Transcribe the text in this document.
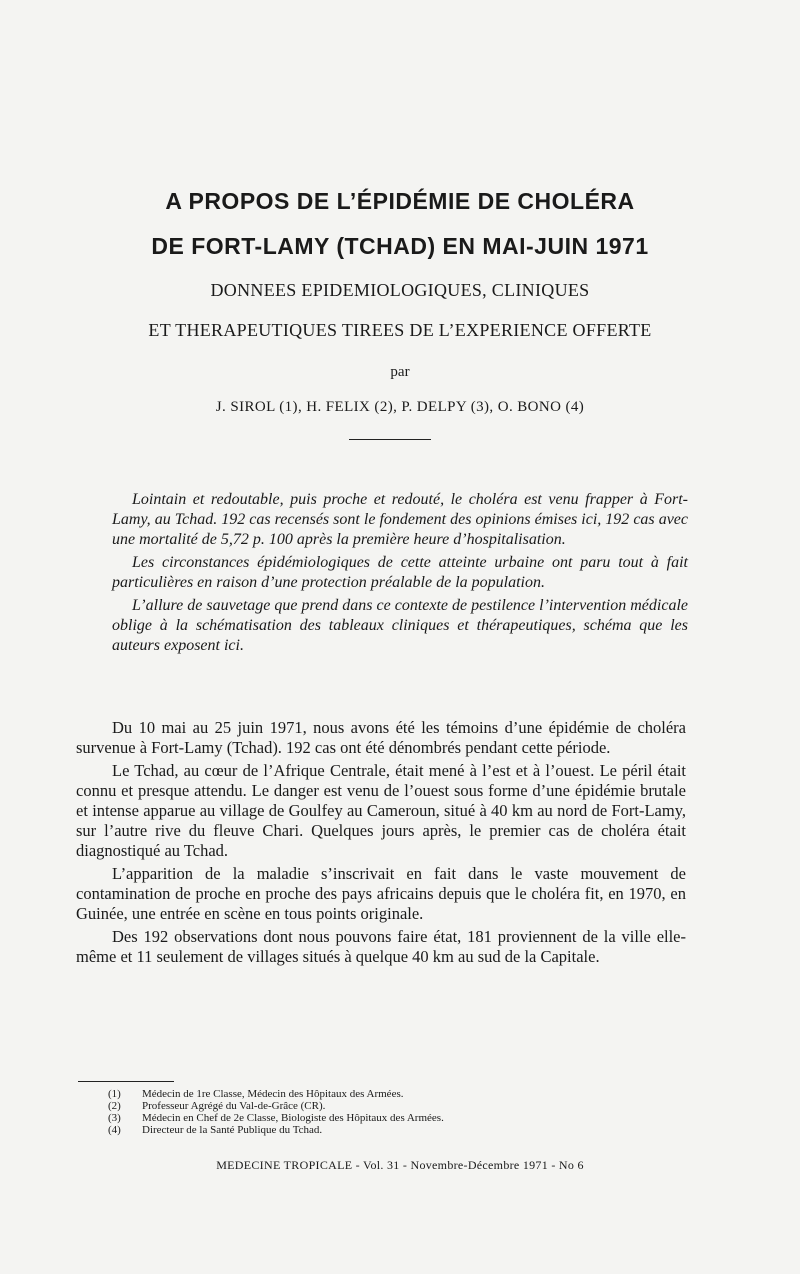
A PROPOS DE L’ÉPIDÉMIE DE CHOLÉRA
DE FORT-LAMY (TCHAD) EN MAI-JUIN 1971
DONNEES EPIDEMIOLOGIQUES, CLINIQUES
ET THERAPEUTIQUES TIREES DE L’EXPERIENCE OFFERTE
par
J. SIROL (1), H. FELIX (2), P. DELPY (3), O. BONO (4)

Lointain et redoutable, puis proche et redouté, le choléra est venu frapper à Fort-Lamy, au Tchad. 192 cas recensés sont le fondement des opinions émises ici, 192 cas avec une mortalité de 5,72 p. 100 après la première heure d’hospitalisation.

Les circonstances épidémiologiques de cette atteinte urbaine ont paru tout à fait particulières en raison d’une protection préalable de la population.

L’allure de sauvetage que prend dans ce contexte de pestilence l’intervention médicale oblige à la schématisation des tableaux cliniques et thérapeutiques, schéma que les auteurs exposent ici.

Du 10 mai au 25 juin 1971, nous avons été les témoins d’une épidémie de choléra survenue à Fort-Lamy (Tchad). 192 cas ont été dénombrés pendant cette période.

Le Tchad, au cœur de l’Afrique Centrale, était mené à l’est et à l’ouest. Le péril était connu et presque attendu. Le danger est venu de l’ouest sous forme d’une épidémie brutale et intense apparue au village de Goulfey au Cameroun, situé à 40 km au nord de Fort-Lamy, sur l’autre rive du fleuve Chari. Quelques jours après, le premier cas de choléra était diagnostiqué au Tchad.

L’apparition de la maladie s’inscrivait en fait dans le vaste mouvement de contamination de proche en proche des pays africains depuis que le choléra fit, en 1970, en Guinée, une entrée en scène en tous points originale.

Des 192 observations dont nous pouvons faire état, 181 proviennent de la ville elle-même et 11 seulement de villages situés à quelque 40 km au sud de la Capitale.

(1)	Médecin de 1re Classe, Médecin des Hôpitaux des Armées.
(2)	Professeur Agrégé du Val-de-Grâce (CR).
(3)	Médecin en Chef de 2e Classe, Biologiste des Hôpitaux des Armées.
(4)	Directeur de la Santé Publique du Tchad.
MEDECINE TROPICALE - Vol. 31 - Novembre-Décembre 1971 - No 6
